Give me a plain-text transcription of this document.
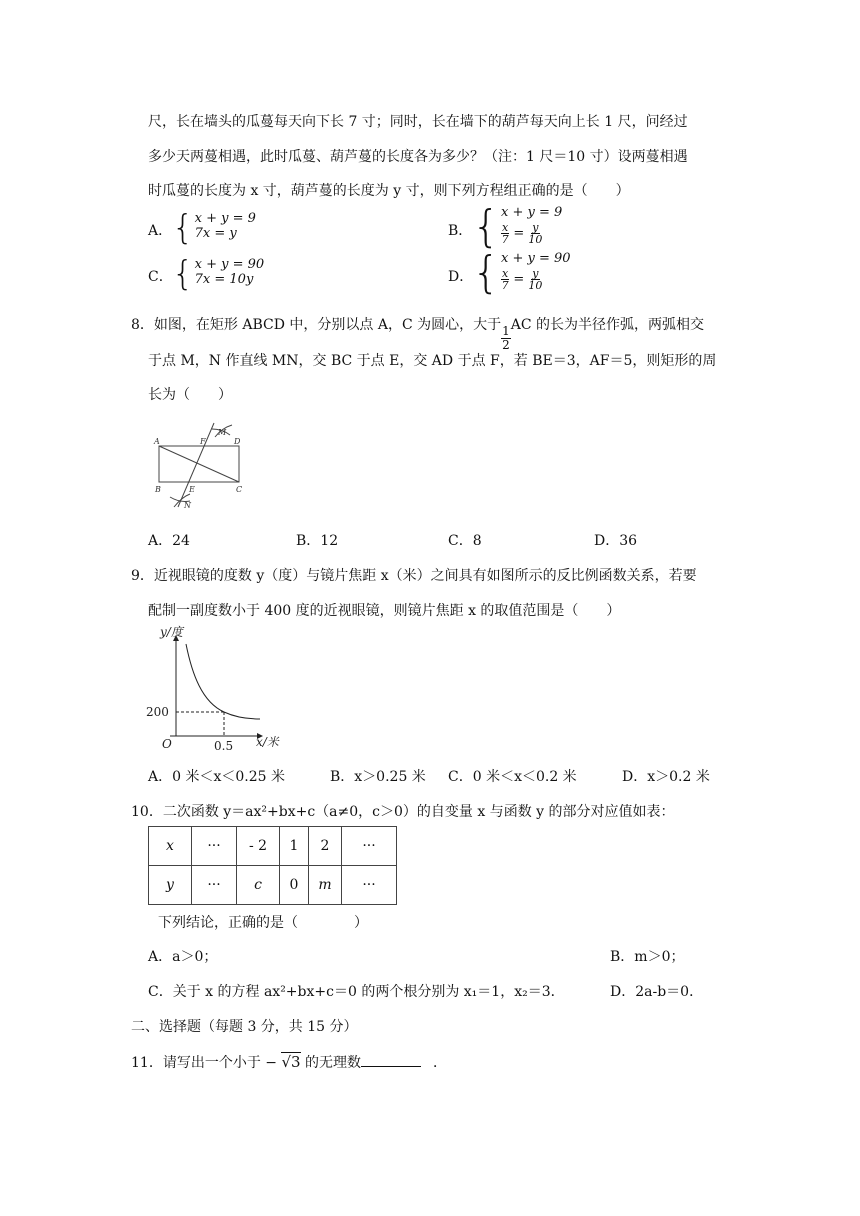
尺，长在墙头的瓜蔓每天向下长 7 寸；同时，长在墙下的葫芦每天向上长 1 尺，问经过
多少天两蔓相遇，此时瓜蔓、葫芦蔓的长度各为多少？（注：1 尺＝10 寸）设两蔓相遇
时瓜蔓的长度为 x 寸，葫芦蔓的长度为 y 寸，则下列方程组正确的是（　　）
A． { x + y = 9
7x = y	B． { x + y = 9
$\frac{x}{7} = \frac{y}{10}$
C． { x + y = 90
7x = 10y	D．
{ x + y = 90
$\frac{x}{7} = \frac{y}{10}$
8．如图，在矩形 ABCD 中，分别以点 A，C 为圆心，大于 $\frac{1}{2}$ AC 的长为半径作弧，两弧相交
于点 M，N 作直线 MN，交 BC 于点 E，交 AD 于点 F，若 BE＝3，AF＝5，则矩形的周
长为（　　）
A	F
M
D
B	E	C
N
A．24	B．12	C．8	D．36
9．近视眼镜的度数 y（度）与镜片焦距 x（米）之间具有如图所示的反比例函数关系，若要
配制一副度数小于 400 度的近视眼镜，则镜片焦距 x 的取值范围是（　　）
y/度
O
200
0.5 x/米
A．0 米＜x＜0.25 米	B．x＞0.25 米 C．0 米＜x＜0.2 米	D．x＞0.2 米
10．二次函数 y＝ax²+bx+c（a≠0，c＞0）的自变量 x 与函数 y 的部分对应值如表：
x	···	- 2	1	2	···
y	···	c	0	m	···
下列结论，正确的是（　　　　）
A．a＞0；	B．m＞0；
C．关于 x 的方程 ax²+bx+c＝0 的两个根分别为 x₁＝1，x₂＝3．	D．2a-b＝0．
二、选择题（每题 3 分，共 15 分）
11．请写出一个小于 − √3 的无理数	．
